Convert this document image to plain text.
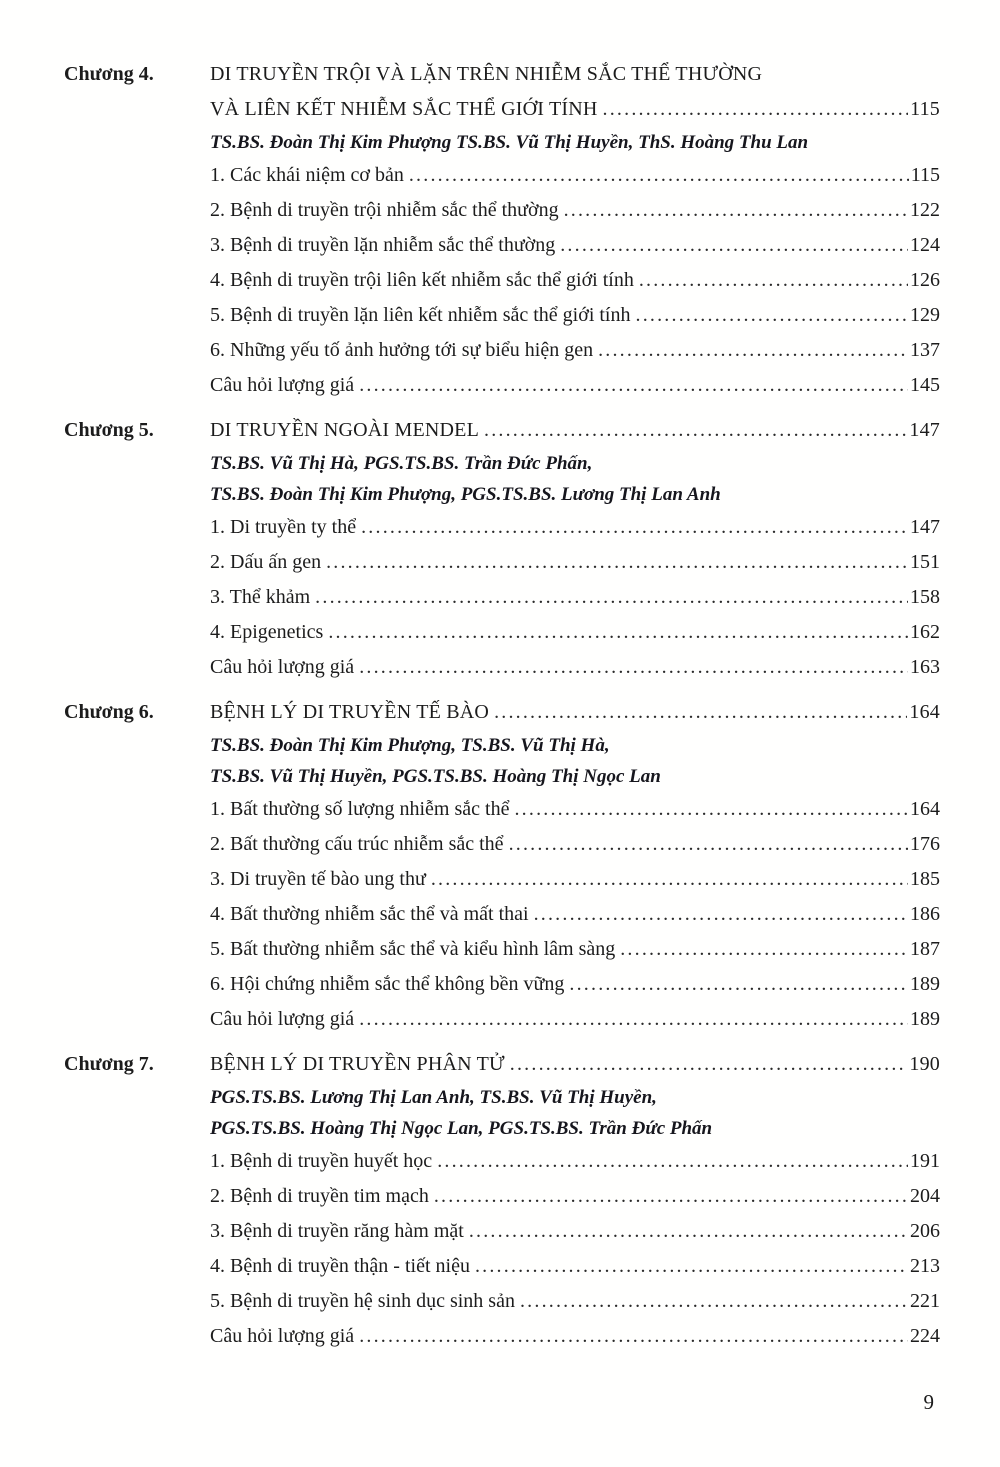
Chương 4.	DI TRUYỀN TRỘI VÀ LẶN TRÊN NHIỄM SẮC THỂ THƯỜNG
VÀ LIÊN KẾT NHIỄM SẮC THỂ GIỚI TÍNH .....	115
TS.BS. Đoàn Thị Kim Phượng TS.BS. Vũ Thị Huyền, ThS. Hoàng Thu Lan
1. Các khái niệm cơ bản .....	115
2. Bệnh di truyền trội nhiễm sắc thể thường .....	122
3. Bệnh di truyền lặn nhiễm sắc thể thường .....	124
4. Bệnh di truyền trội liên kết nhiễm sắc thể giới tính .....	126
5. Bệnh di truyền lặn liên kết nhiễm sắc thể giới tính .....	129
6. Những yếu tố ảnh hưởng tới sự biểu hiện gen .....	137
Câu hỏi lượng giá .....	145
Chương 5.	DI TRUYỀN NGOÀI MENDEL .....	147
TS.BS. Vũ Thị Hà, PGS.TS.BS. Trần Đức Phấn,
TS.BS. Đoàn Thị Kim Phượng, PGS.TS.BS. Lương Thị Lan Anh
1. Di truyền ty thể .....	147
2. Dấu ấn gen .....	151
3. Thể khảm .....	158
4. Epigenetics .....	162
Câu hỏi lượng giá .....	163
Chương 6.	BỆNH LÝ DI TRUYỀN TẾ BÀO .....	164
TS.BS. Đoàn Thị Kim Phượng, TS.BS. Vũ Thị Hà,
TS.BS. Vũ Thị Huyền, PGS.TS.BS. Hoàng Thị Ngọc Lan
1. Bất thường số lượng nhiễm sắc thể .....	164
2. Bất thường cấu trúc nhiễm sắc thể .....	176
3. Di truyền tế bào ung thư .....	185
4. Bất thường nhiễm sắc thể và mất thai .....	186
5. Bất thường nhiễm sắc thể và kiểu hình lâm sàng .....	187
6. Hội chứng nhiễm sắc thể không bền vững .....	189
Câu hỏi lượng giá .....	189
Chương 7.	BỆNH LÝ DI TRUYỀN PHÂN TỬ .....	190
PGS.TS.BS. Lương Thị Lan Anh, TS.BS. Vũ Thị Huyền,
PGS.TS.BS. Hoàng Thị Ngọc Lan, PGS.TS.BS. Trần Đức Phấn
1. Bệnh di truyền huyết học .....	191
2. Bệnh di truyền tim mạch .....	204
3. Bệnh di truyền răng hàm mặt .....	206
4. Bệnh di truyền thận - tiết niệu .....	213
5. Bệnh di truyền hệ sinh dục sinh sản .....	221
Câu hỏi lượng giá .....	224
9
